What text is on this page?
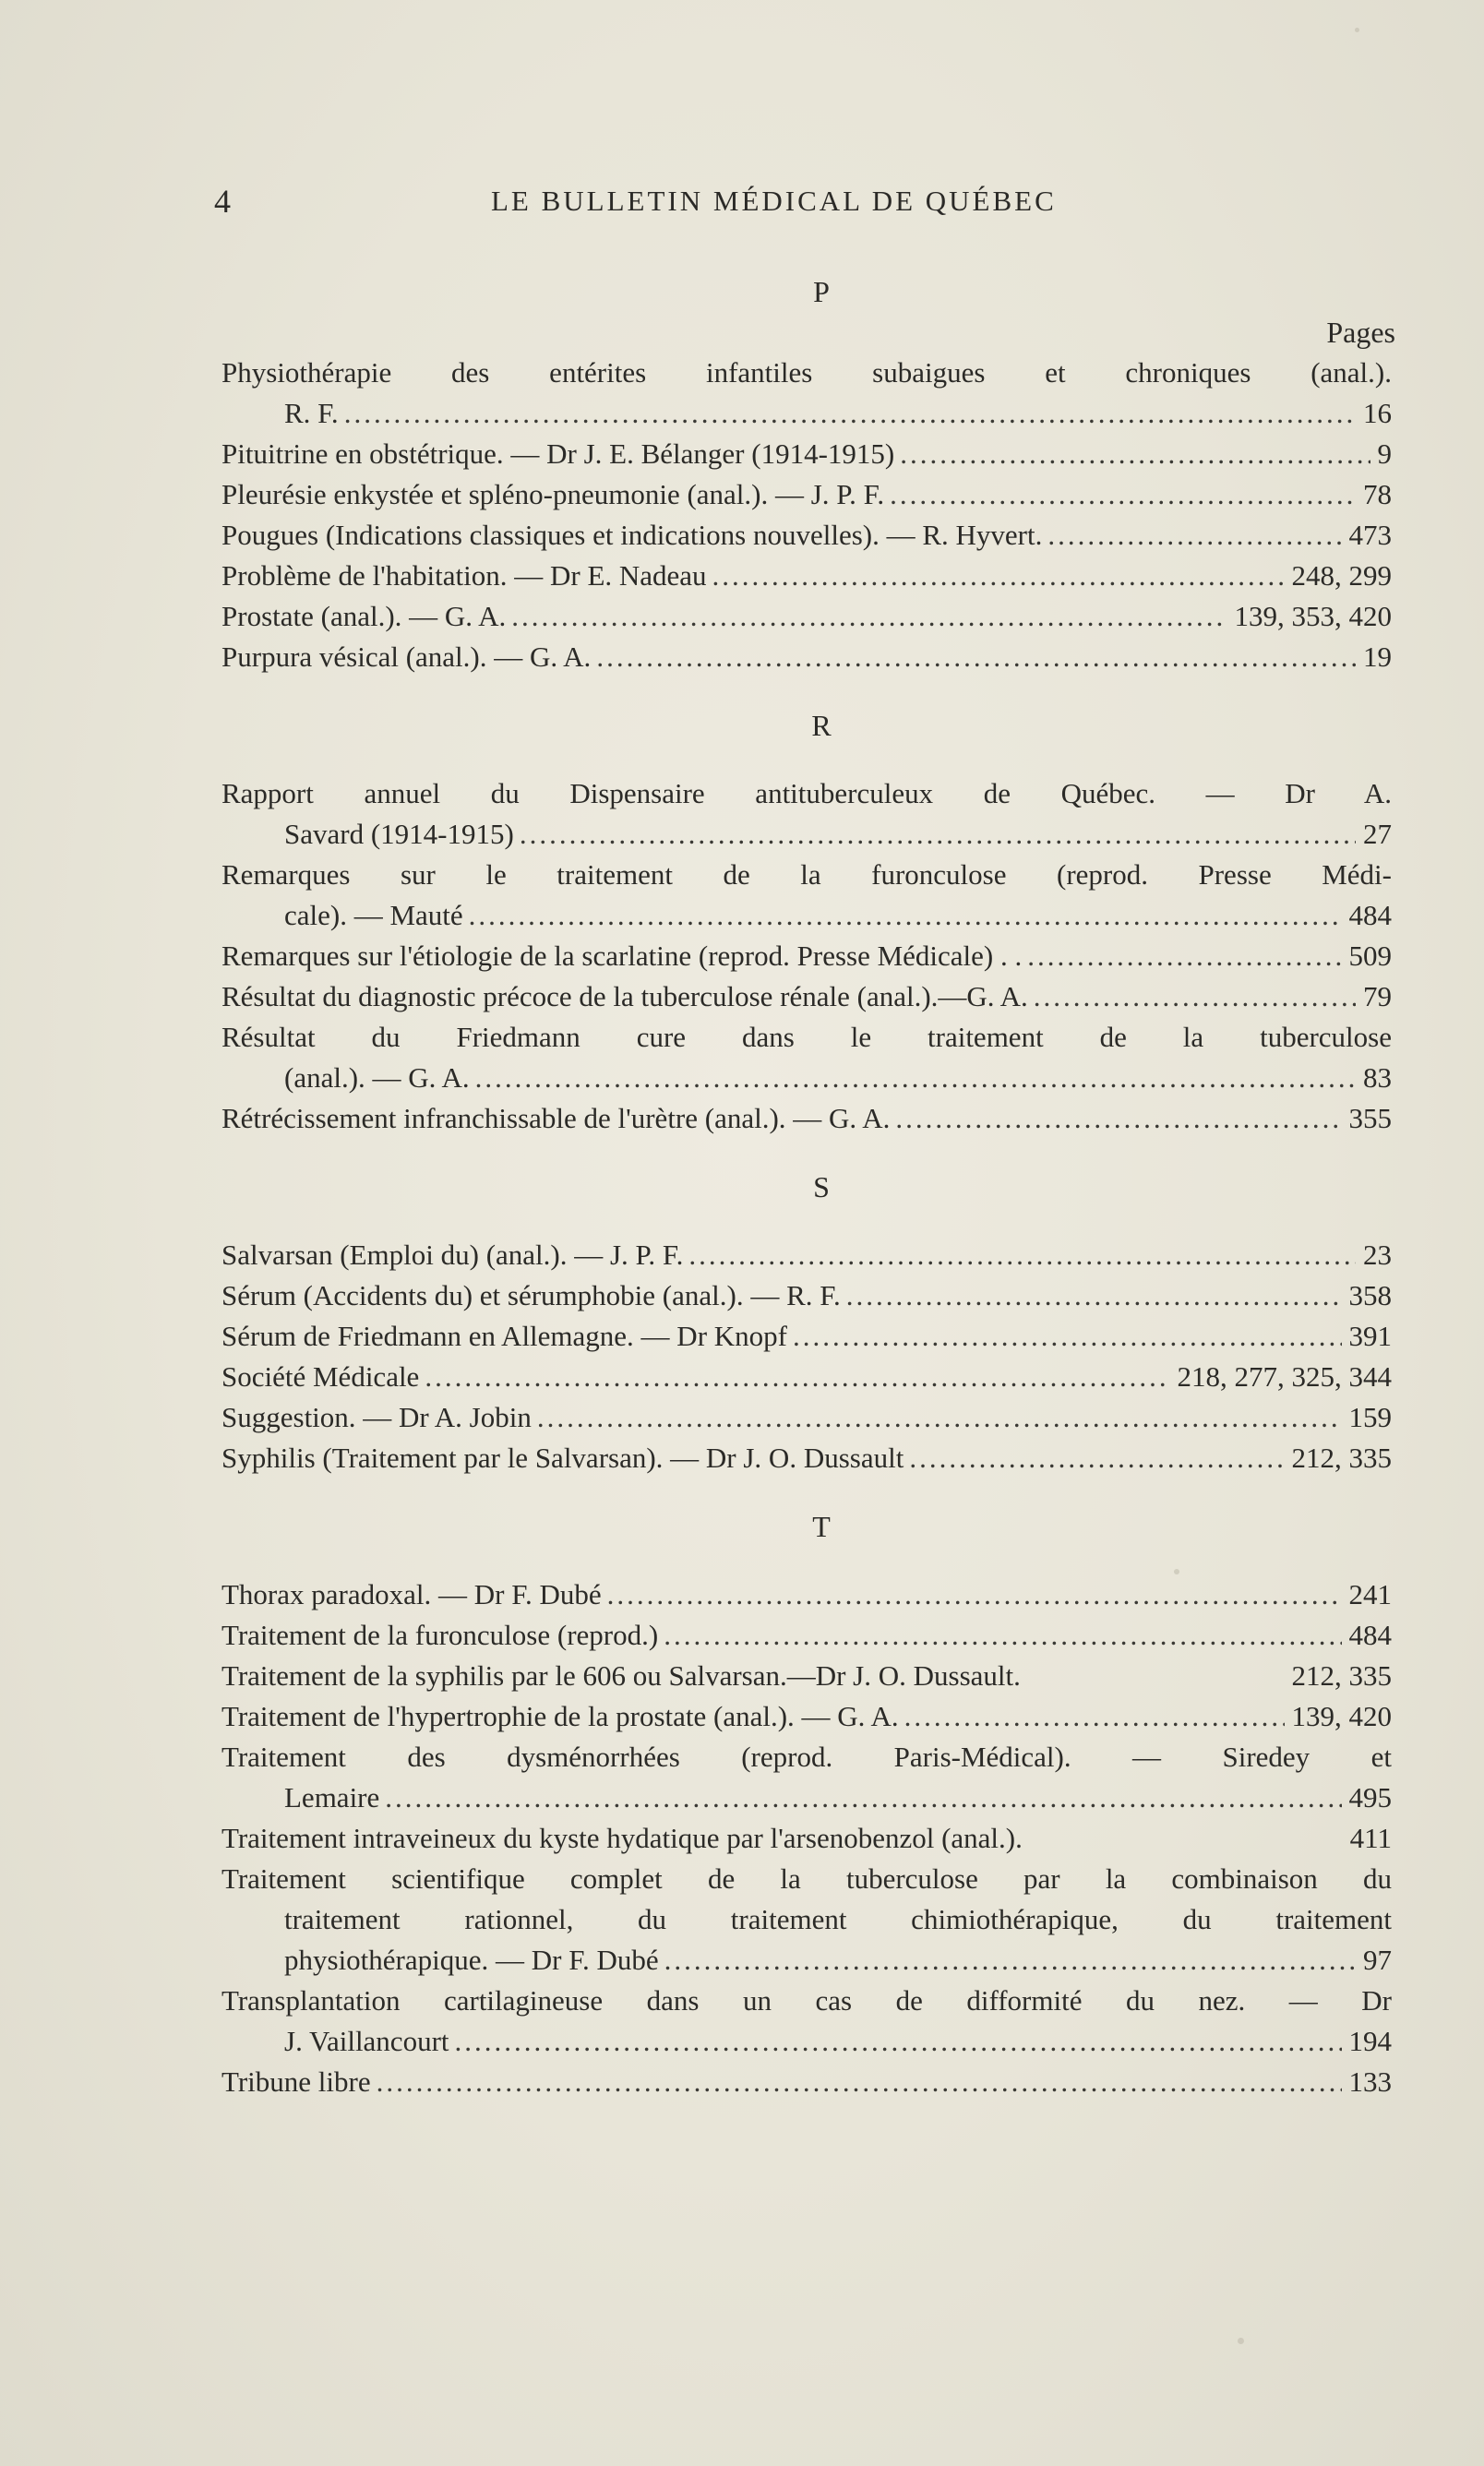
4	LE BULLETIN MÉDICAL DE QUÉBEC
P
Pages
Physiothérapie des entérites infantiles subaigues et chroniques (anal.).
R. F. .....	16
Pituitrine en obstétrique. — Dr J. E. Bélanger (1914-1915) .....	9
Pleurésie enkystée et spléno-pneumonie (anal.). — J. P. F. .....	78
Pougues (Indications classiques et indications nouvelles). — R. Hyvert. .....	473
Problème de l'habitation. — Dr E. Nadeau .....	248, 299
Prostate (anal.). — G. A. .....	139, 353, 420
Purpura vésical (anal.). — G. A. .....	19
R
Rapport annuel du Dispensaire antituberculeux de Québec. — Dr A.
Savard (1914-1915) .....	27
Remarques sur le traitement de la furonculose (reprod. Presse Médi-
cale). — Mauté .....	484
Remarques sur l'étiologie de la scarlatine (reprod. Presse Médicale) . . .....	509
Résultat du diagnostic précoce de la tuberculose rénale (anal.).—G. A. .....	79
Résultat du Friedmann cure dans le traitement de la tuberculose
(anal.). — G. A. .....	83
Rétrécissement infranchissable de l'urètre (anal.). — G. A. .....	355
S
Salvarsan (Emploi du) (anal.). — J. P. F. .....	23
Sérum (Accidents du) et sérumphobie (anal.). — R. F. .....	358
Sérum de Friedmann en Allemagne. — Dr Knopf .....	391
Société Médicale .....	218, 277, 325, 344
Suggestion. — Dr A. Jobin .....	159
Syphilis (Traitement par le Salvarsan). — Dr J. O. Dussault .....	212, 335
T
Thorax paradoxal. — Dr F. Dubé .....	241
Traitement de la furonculose (reprod.) .....	484
Traitement de la syphilis par le 606 ou Salvarsan.—Dr J. O. Dussault.	212, 335
Traitement de l'hypertrophie de la prostate (anal.). — G. A. .....	139, 420
Traitement des dysménorrhées (reprod. Paris-Médical). — Siredey et
Lemaire .....	495
Traitement intraveineux du kyste hydatique par l'arsenobenzol (anal.).	411
Traitement scientifique complet de la tuberculose par la combinaison du
traitement rationnel, du traitement chimiothérapique, du traitement
physiothérapique. — Dr F. Dubé .....	97
Transplantation cartilagineuse dans un cas de difformité du nez. — Dr
J. Vaillancourt .....	194
Tribune libre .....	133
